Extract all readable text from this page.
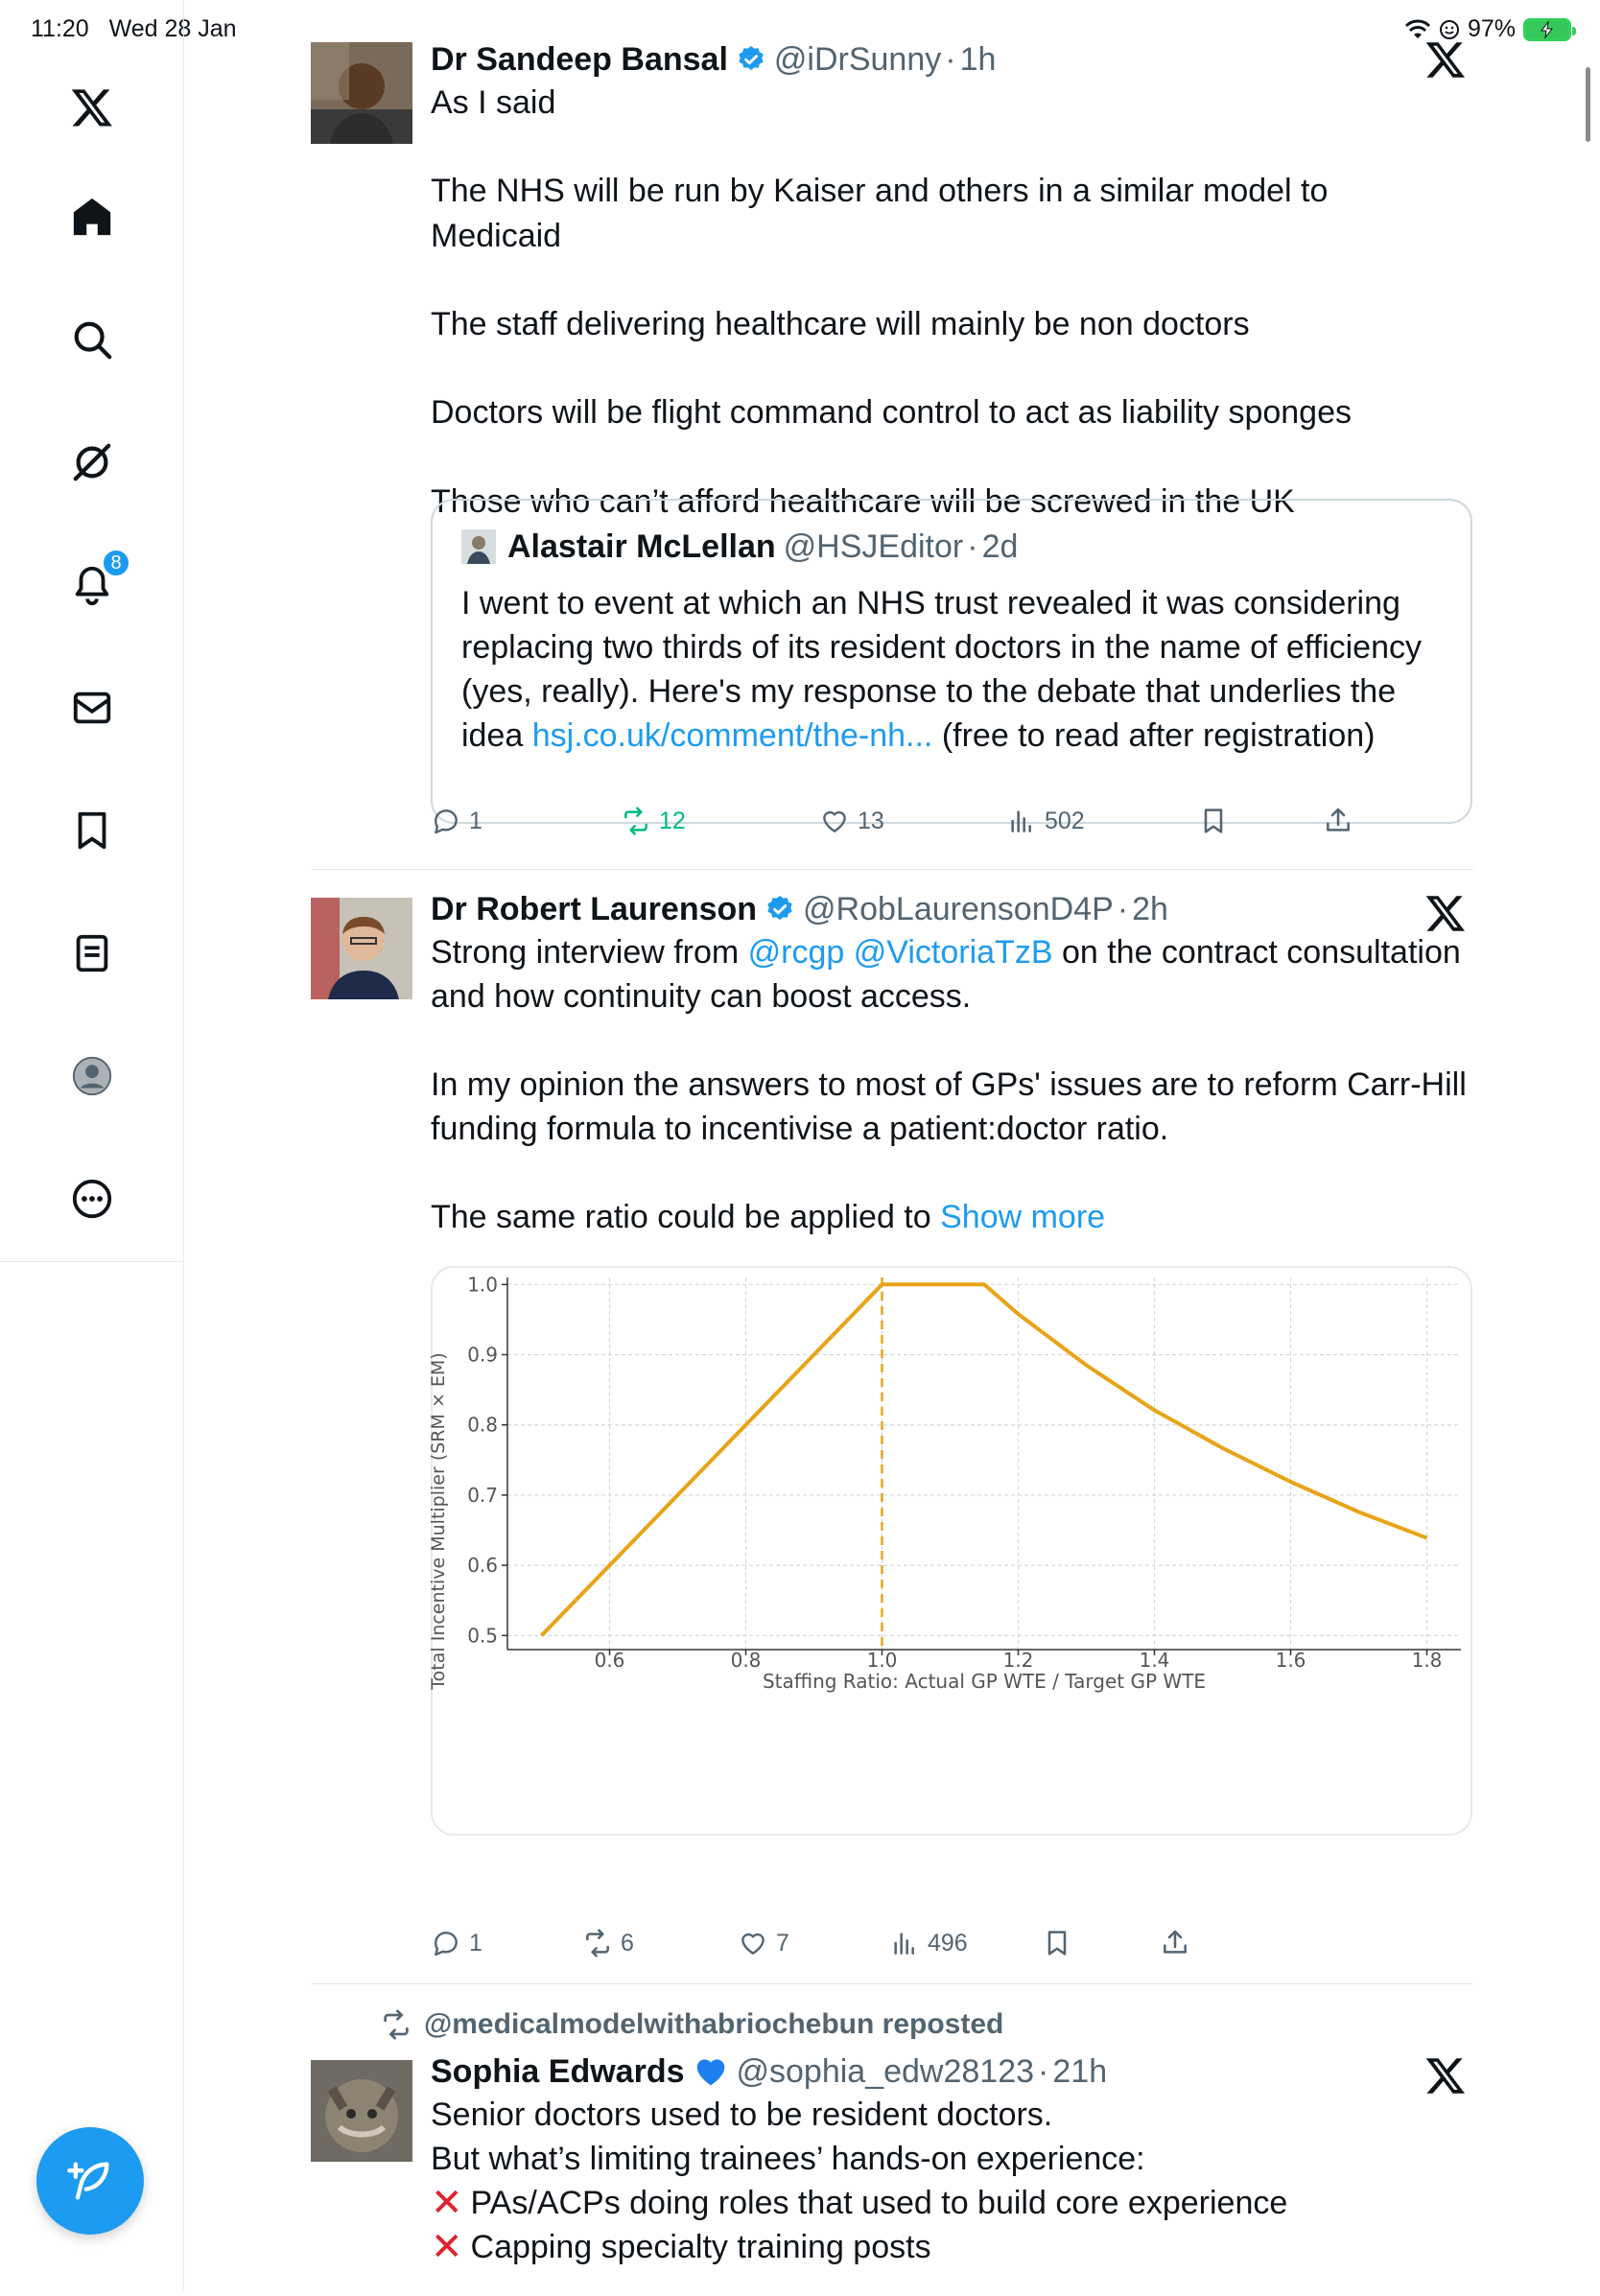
11:20 Wed 28 Jan	97%
8
Dr Sandeep Bansal @iDrSunny · 1h
As I said

The NHS will be run by Kaiser and others in a similar model to Medicaid

The staff delivering healthcare will mainly be non doctors

Doctors will be flight command control to act as liability sponges

Those who can’t afford healthcare will be screwed in the UK
Alastair McLellan @HSJEditor · 2d
I went to event at which an NHS trust revealed it was considering replacing two thirds of its resident doctors in the name of efficiency (yes, really). Here's my response to the debate that underlies the idea hsj.co.uk/comment/the-nh... (free to read after registration)
1	12	13	502
Dr Robert Laurenson @RobLaurensonD4P · 2h
Strong interview from @rcgp @VictoriaTzB on the contract consultation and how continuity can boost access.

In my opinion the answers to most of GPs' issues are to reform Carr-Hill funding formula to incentivise a patient:doctor ratio.

The same ratio could be applied to Show more
0.6	0.8	1.0	1.2	1.4	1.6	1.8
0.5
0.6
0.7
0.8
0.9
1.0
Staffing Ratio: Actual GP WTE / Target GP WTE
Total Incentive Multiplier (SRM × EM)
1	6	7	496
@medicalmodelwithabriochebun reposted
Sophia Edwards @sophia_edw28123 · 21h
Senior doctors used to be resident doctors.
But what’s limiting trainees’ hands-on experience:
✕ PAs/ACPs doing roles that used to build core experience
✕ Capping specialty training posts
